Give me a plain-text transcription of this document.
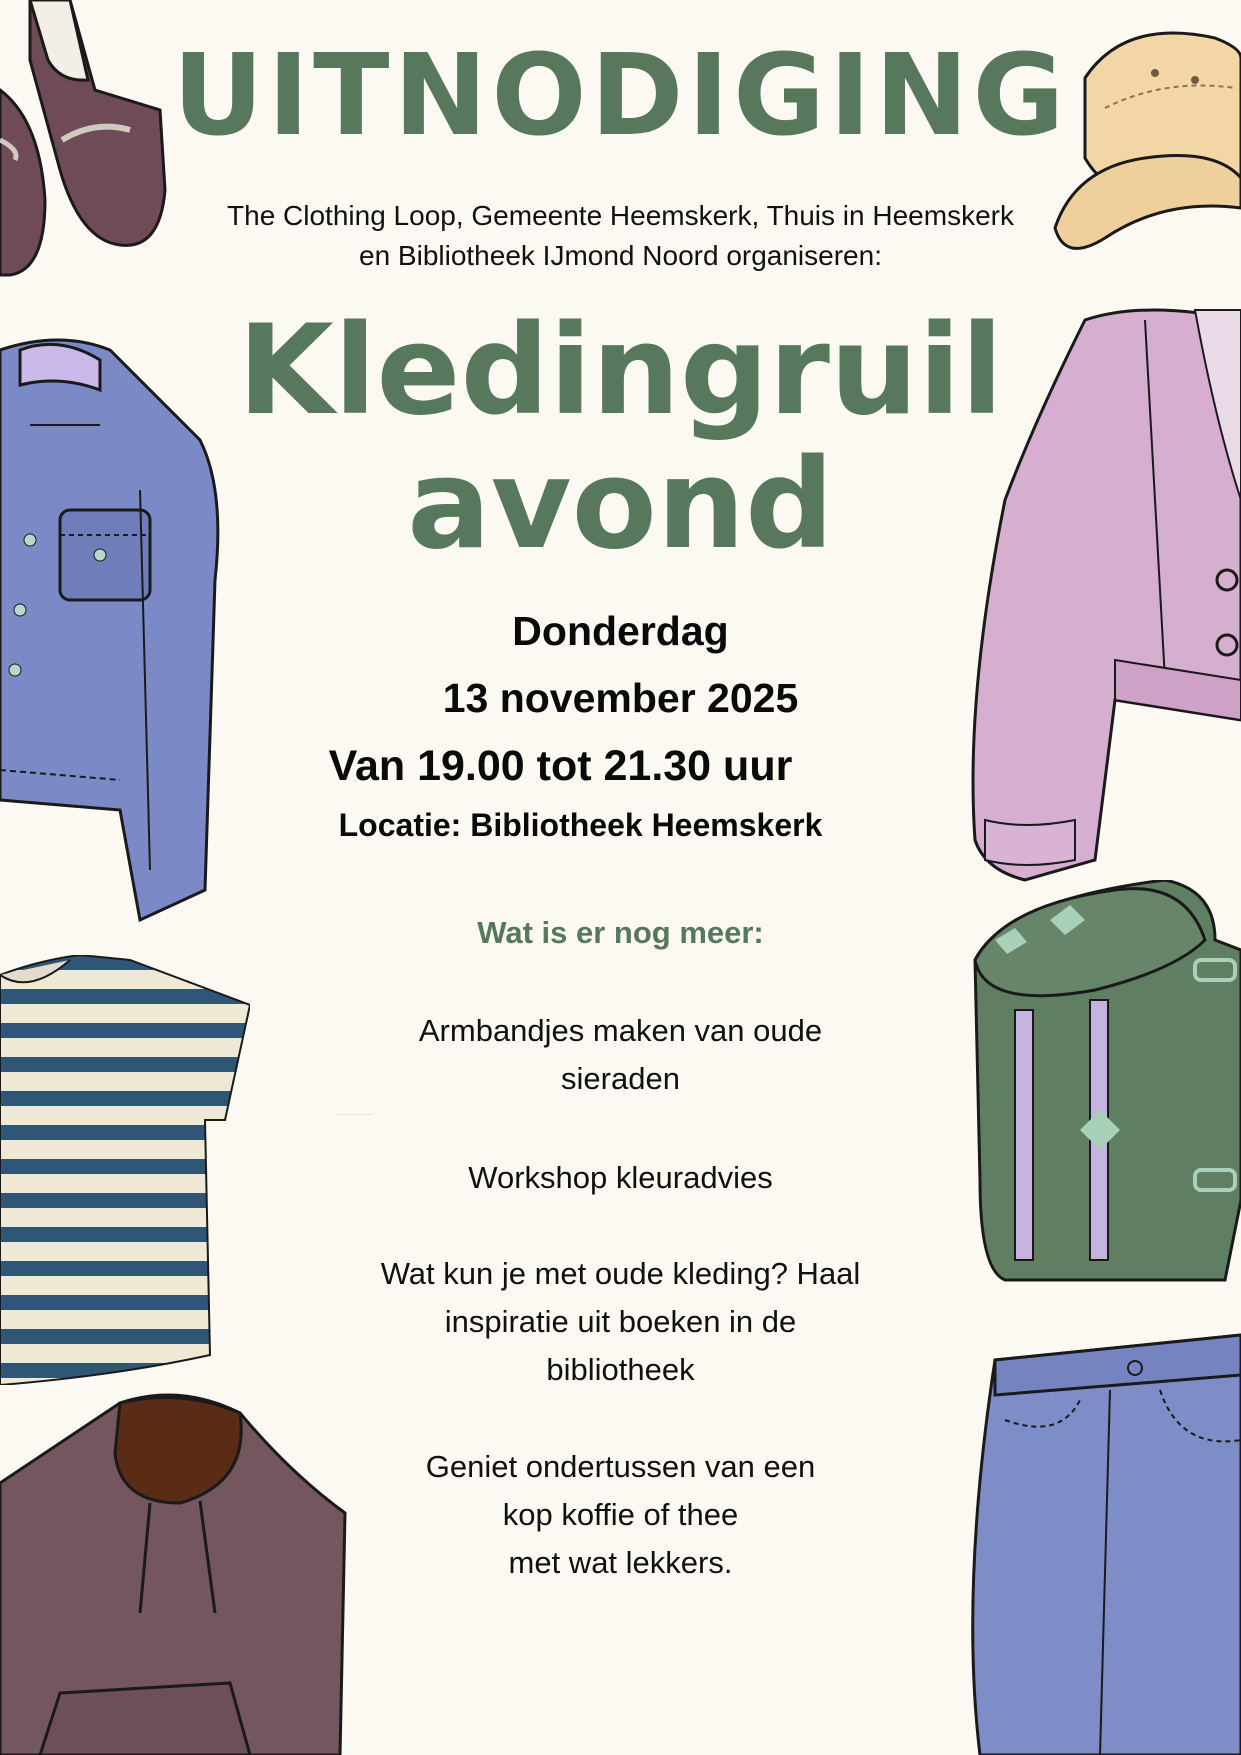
UITNODIGING
The Clothing Loop, Gemeente Heemskerk, Thuis in Heemskerk
en Bibliotheek IJmond Noord organiseren:
Kledingruil
avond
Donderdag
13 november 2025
Van 19.00 tot 21.30 uur
Locatie: Bibliotheek Heemskerk
Wat is er nog meer:
Armbandjes maken van oude
sieraden
Workshop kleuradvies
Wat kun je met oude kleding? Haal
inspiratie uit boeken in de
bibliotheek
Geniet ondertussen van een
kop koffie of thee
met wat lekkers.
